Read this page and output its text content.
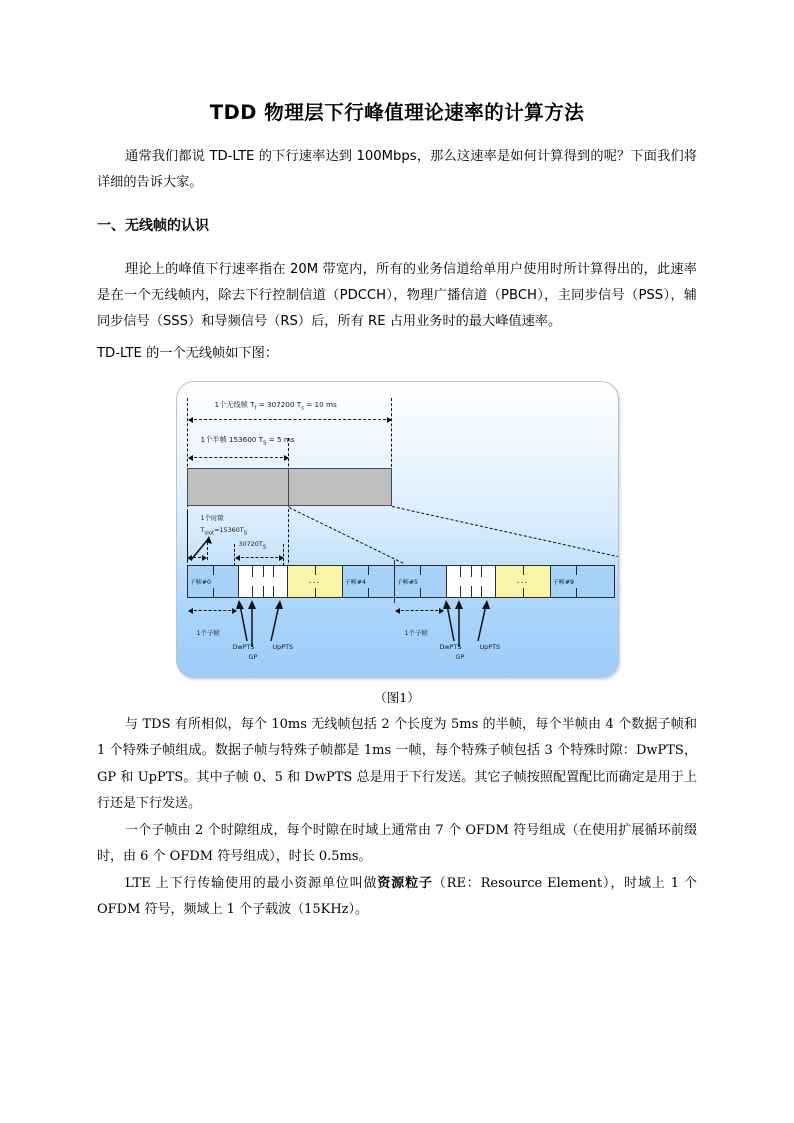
TDD 物理层下行峰值理论速率的计算方法

通常我们都说 TD-LTE 的下行速率达到 100Mbps，那么这速率是如何计算得到的呢？下面我们将详细的告诉大家。

一、无线帧的认识

理论上的峰值下行速率指在 20M 带宽内，所有的业务信道给单用户使用时所计算得出的，此速率是在一个无线帧内，除去下行控制信道（PDCCH），物理广播信道（PBCH），主同步信号（PSS），辅同步信号（SSS）和导频信号（RS）后，所有 RE 占用业务时的最大峰值速率。

TD-LTE 的一个无线帧如下图：

1个无线帧 $T_f = 307200$ $T_s = 10$ ms
1个半帧 153600 $T_S = 5$ ms
1个时隙
$T_{slot}=15360T_S$
$30720T_S$
子帧#0	...	子帧#4	子帧#5	...	子帧#9
1个子帧
DwPTS
GP
UpPTS
1个子帧
DwPTS
GP
UpPTS
（图1）

与 TDS 有所相似，每个 10ms 无线帧包括 2 个长度为 5ms 的半帧，每个半帧由 4 个数据子帧和 1 个特殊子帧组成。数据子帧与特殊子帧都是 1ms 一帧，每个特殊子帧包括 3 个特殊时隙：DwPTS，GP 和 UpPTS。其中子帧 0、5 和 DwPTS 总是用于下行发送。其它子帧按照配置配比而确定是用于上行还是下行发送。

一个子帧由 2 个时隙组成，每个时隙在时域上通常由 7 个 OFDM 符号组成（在使用扩展循环前缀时，由 6 个 OFDM 符号组成），时长 0.5ms。

LTE 上下行传输使用的最小资源单位叫做资源粒子（RE：Resource Element），时域上 1 个 OFDM 符号，频域上 1 个子载波（15KHz）。
